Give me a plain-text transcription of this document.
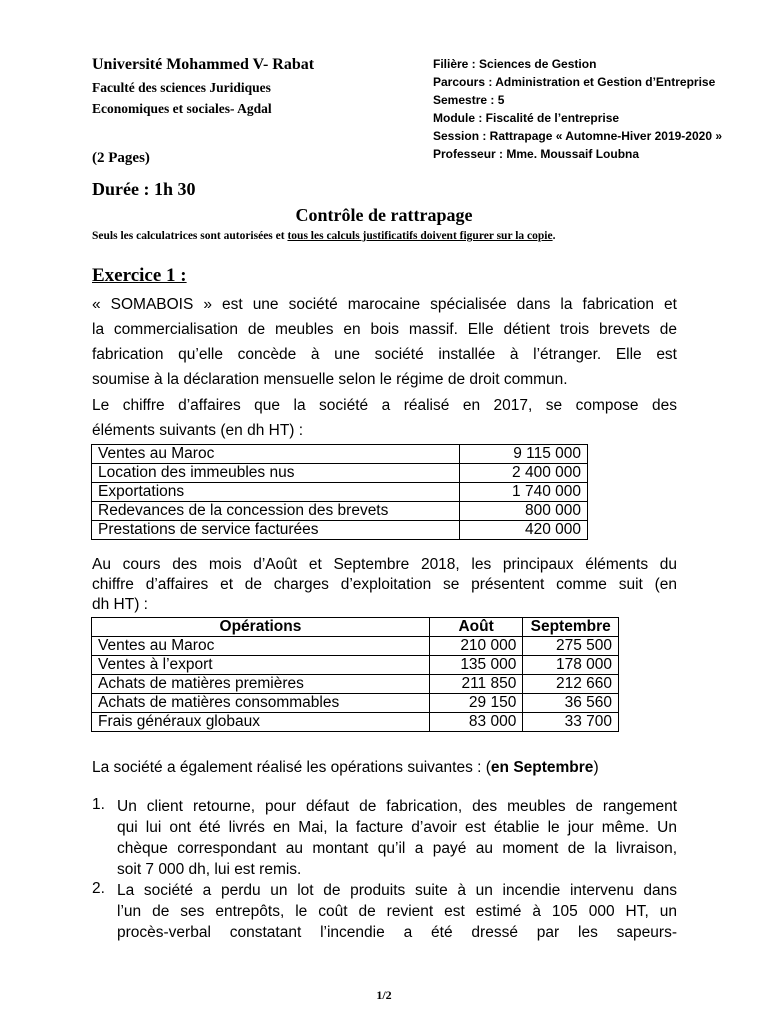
Université Mohammed V- Rabat
Faculté des sciences Juridiques
Economiques et sociales- Agdal
Filière : Sciences de Gestion
Parcours : Administration et Gestion d’Entreprise
Semestre : 5
Module : Fiscalité de l’entreprise
Session : Rattrapage « Automne-Hiver 2019-2020 »
Professeur : Mme. Moussaif Loubna
(2 Pages)
Durée : 1h 30
Contrôle de rattrapage
Seuls les calculatrices sont autorisées et tous les calculs justificatifs doivent figurer sur la copie.
Exercice 1 :
« SOMABOIS » est une société marocaine spécialisée dans la fabrication et
la commercialisation de meubles en bois massif. Elle détient trois brevets de
fabrication qu’elle concède à une société installée à l’étranger. Elle est
soumise à la déclaration mensuelle selon le régime de droit commun.
Le chiffre d’affaires que la société a réalisé en 2017, se compose des
éléments suivants (en dh HT) :
Ventes au Maroc	9 115 000
Location des immeubles nus	2 400 000
Exportations	1 740 000
Redevances de la concession des brevets	800 000
Prestations de service facturées	420 000
Au cours des mois d’Août et Septembre 2018, les principaux éléments du
chiffre d’affaires et de charges d’exploitation se présentent comme suit (en
dh HT) :
Opérations	Août	Septembre
Ventes au Maroc	210 000	275 500
Ventes à l’export	135 000	178 000
Achats de matières premières	211 850	212 660
Achats de matières consommables	29 150	36 560
Frais généraux globaux	83 000	33 700
La société a également réalisé les opérations suivantes : (en Septembre)
1. Un client retourne, pour défaut de fabrication, des meubles de rangement
qui lui ont été livrés en Mai, la facture d’avoir est établie le jour même. Un
chèque correspondant au montant qu’il a payé au moment de la livraison,
soit 7 000 dh, lui est remis.
2. La société a perdu un lot de produits suite à un incendie intervenu dans
l’un de ses entrepôts, le coût de revient est estimé à 105 000 HT, un
procès-verbal constatant l’incendie a été dressé par les sapeurs-
1/2
